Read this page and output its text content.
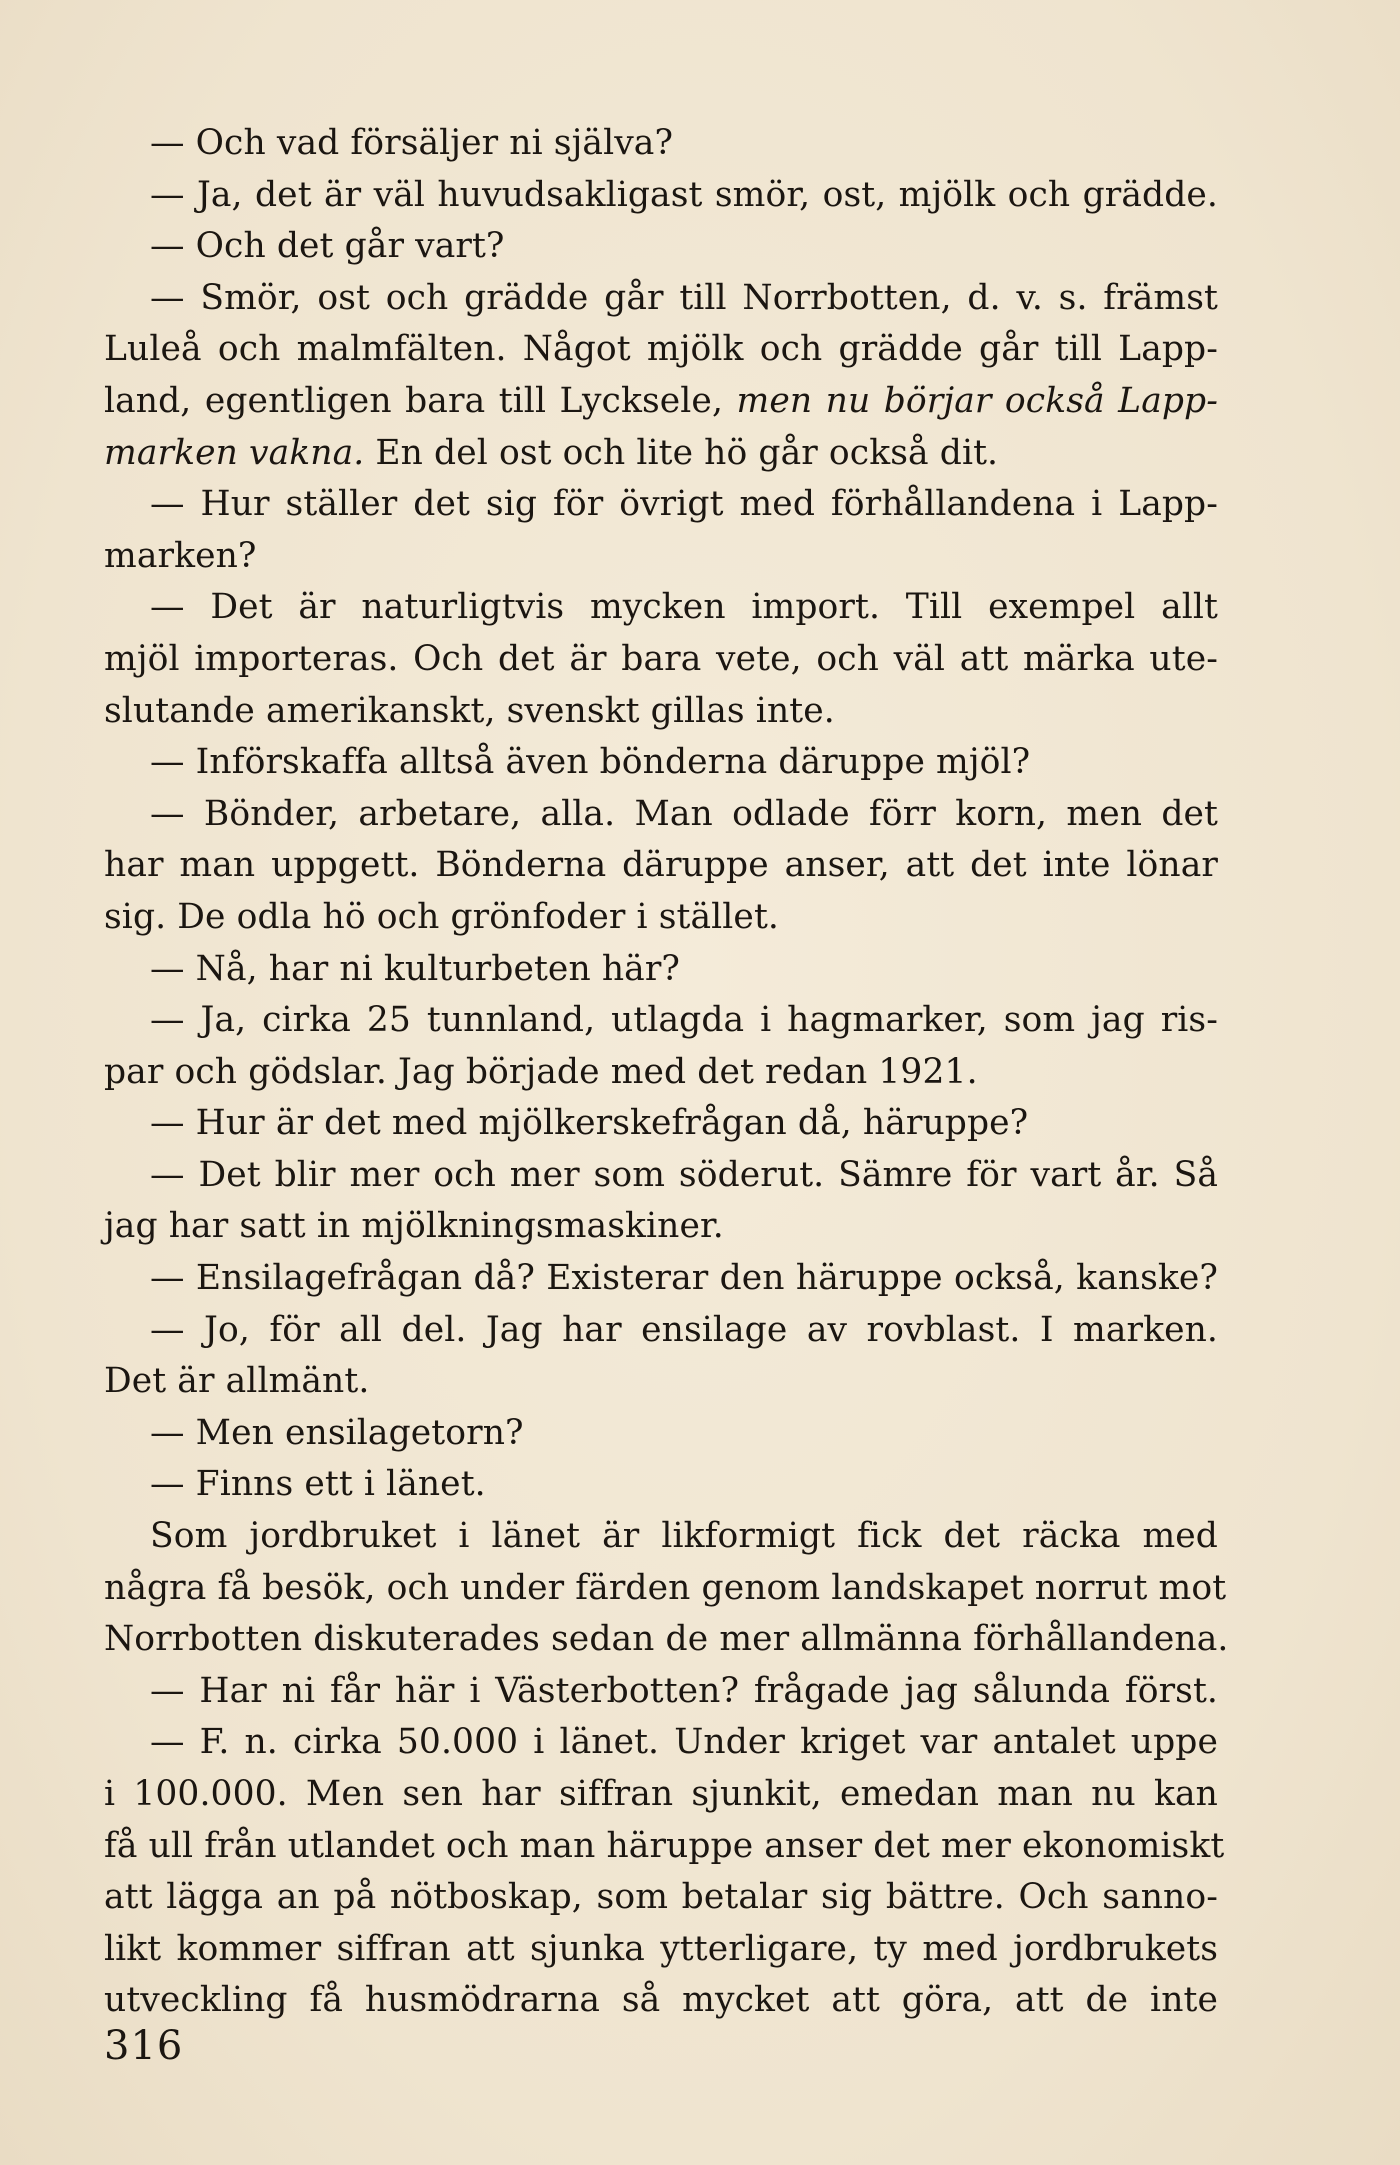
— Och vad försäljer ni själva?
— Ja, det är väl huvudsakligast smör, ost, mjölk och grädde.
— Och det går vart?
— Smör, ost och grädde går till Norrbotten, d. v. s. främst
Luleå och malmfälten. Något mjölk och grädde går till Lapp-
land, egentligen bara till Lycksele, men nu börjar också Lapp-
marken vakna. En del ost och lite hö går också dit.
— Hur ställer det sig för övrigt med förhållandena i Lapp-
marken?
— Det är naturligtvis mycken import. Till exempel allt
mjöl importeras. Och det är bara vete, och väl att märka ute-
slutande amerikanskt, svenskt gillas inte.
— Införskaffa alltså även bönderna däruppe mjöl?
— Bönder, arbetare, alla. Man odlade förr korn, men det
har man uppgett. Bönderna däruppe anser, att det inte lönar
sig. De odla hö och grönfoder i stället.
— Nå, har ni kulturbeten här?
— Ja, cirka 25 tunnland, utlagda i hagmarker, som jag ris-
par och gödslar. Jag började med det redan 1921.
— Hur är det med mjölkerskefrågan då, häruppe?
— Det blir mer och mer som söderut. Sämre för vart år. Så
jag har satt in mjölkningsmaskiner.
— Ensilagefrågan då? Existerar den häruppe också, kanske?
— Jo, för all del. Jag har ensilage av rovblast. I marken.
Det är allmänt.
— Men ensilagetorn?
— Finns ett i länet.
Som jordbruket i länet är likformigt fick det räcka med
några få besök, och under färden genom landskapet norrut mot
Norrbotten diskuterades sedan de mer allmänna förhållandena.
— Har ni får här i Västerbotten? frågade jag sålunda först.
— F. n. cirka 50.000 i länet. Under kriget var antalet uppe
i 100.000. Men sen har siffran sjunkit, emedan man nu kan
få ull från utlandet och man häruppe anser det mer ekonomiskt
att lägga an på nötboskap, som betalar sig bättre. Och sanno-
likt kommer siffran att sjunka ytterligare, ty med jordbrukets
utveckling få husmödrarna så mycket att göra, att de inte
316
